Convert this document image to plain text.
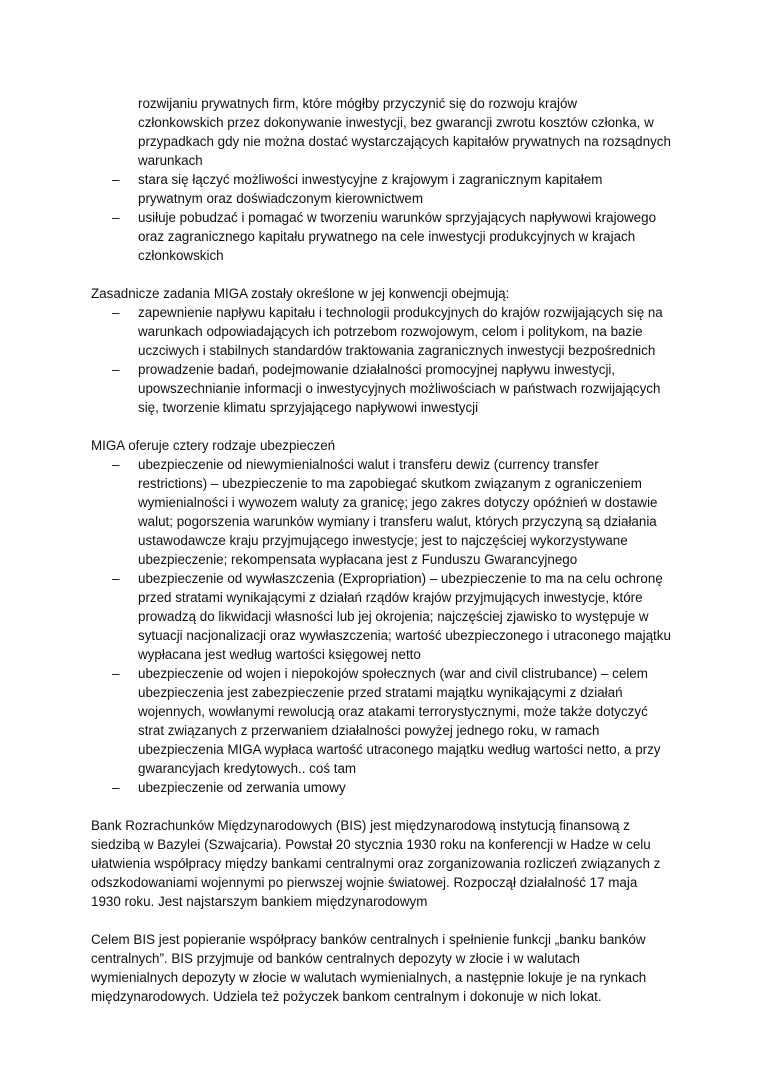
rozwijaniu prywatnych firm, które mógłby przyczynić się do rozwoju krajów
członkowskich przez dokonywanie inwestycji, bez gwarancji zwrotu kosztów członka, w
przypadkach gdy nie można dostać wystarczających kapitałów prywatnych na rozsądnych
warunkach
– stara się łączyć możliwości inwestycyjne z krajowym i zagranicznym kapitałem
prywatnym oraz doświadczonym kierownictwem
– usiłuje pobudzać i pomagać w tworzeniu warunków sprzyjających napływowi krajowego
oraz zagranicznego kapitału prywatnego na cele inwestycji produkcyjnych w krajach
członkowskich
Zasadnicze zadania MIGA zostały określone w jej konwencji obejmują:
– zapewnienie napływu kapitału i technologii produkcyjnych do krajów rozwijających się na
warunkach odpowiadających ich potrzebom rozwojowym, celom i politykom, na bazie
uczciwych i stabilnych standardów traktowania zagranicznych inwestycji bezpośrednich
– prowadzenie badań, podejmowanie działalności promocyjnej napływu inwestycji,
upowszechnianie informacji o inwestycyjnych możliwościach w państwach rozwijających
się, tworzenie klimatu sprzyjającego napływowi inwestycji
MIGA oferuje cztery rodzaje ubezpieczeń
– ubezpieczenie od niewymienialności walut i transferu dewiz (currency transfer
restrictions) – ubezpieczenie to ma zapobiegać skutkom związanym z ograniczeniem
wymienialności i wywozem waluty za granicę; jego zakres dotyczy opóźnień w dostawie
walut; pogorszenia warunków wymiany i transferu walut, których przyczyną są działania
ustawodawcze kraju przyjmującego inwestycje; jest to najczęściej wykorzystywane
ubezpieczenie; rekompensata wypłacana jest z Funduszu Gwarancyjnego
– ubezpieczenie od wywłaszczenia (Expropriation) – ubezpieczenie to ma na celu ochronę
przed stratami wynikającymi z działań rządów krajów przyjmujących inwestycje, które
prowadzą do likwidacji własności lub jej okrojenia; najczęściej zjawisko to występuje w
sytuacji nacjonalizacji oraz wywłaszczenia; wartość ubezpieczonego i utraconego majątku
wypłacana jest według wartości księgowej netto
– ubezpieczenie od wojen i niepokojów społecznych (war and civil clistrubance) – celem
ubezpieczenia jest zabezpieczenie przed stratami majątku wynikającymi z działań
wojennych, wowłanymi rewolucją oraz atakami terrorystycznymi, może także dotyczyć
strat związanych z przerwaniem działalności powyżej jednego roku, w ramach
ubezpieczenia MIGA wypłaca wartość utraconego majątku według wartości netto, a przy
gwarancyjach kredytowych.. coś tam
– ubezpieczenie od zerwania umowy
Bank Rozrachunków Międzynarodowych (BIS) jest międzynarodową instytucją finansową z
siedzibą w Bazylei (Szwajcaria). Powstał 20 stycznia 1930 roku na konferencji w Hadze w celu
ułatwienia współpracy między bankami centralnymi oraz zorganizowania rozliczeń związanych z
odszkodowaniami wojennymi po pierwszej wojnie światowej. Rozpoczął działalność 17 maja
1930 roku. Jest najstarszym bankiem międzynarodowym
Celem BIS jest popieranie współpracy banków centralnych i spełnienie funkcji „banku banków
centralnych”. BIS przyjmuje od banków centralnych depozyty w złocie i w walutach
wymienialnych depozyty w złocie w walutach wymienialnych, a następnie lokuje je na rynkach
międzynarodowych. Udziela też pożyczek bankom centralnym i dokonuje w nich lokat.
